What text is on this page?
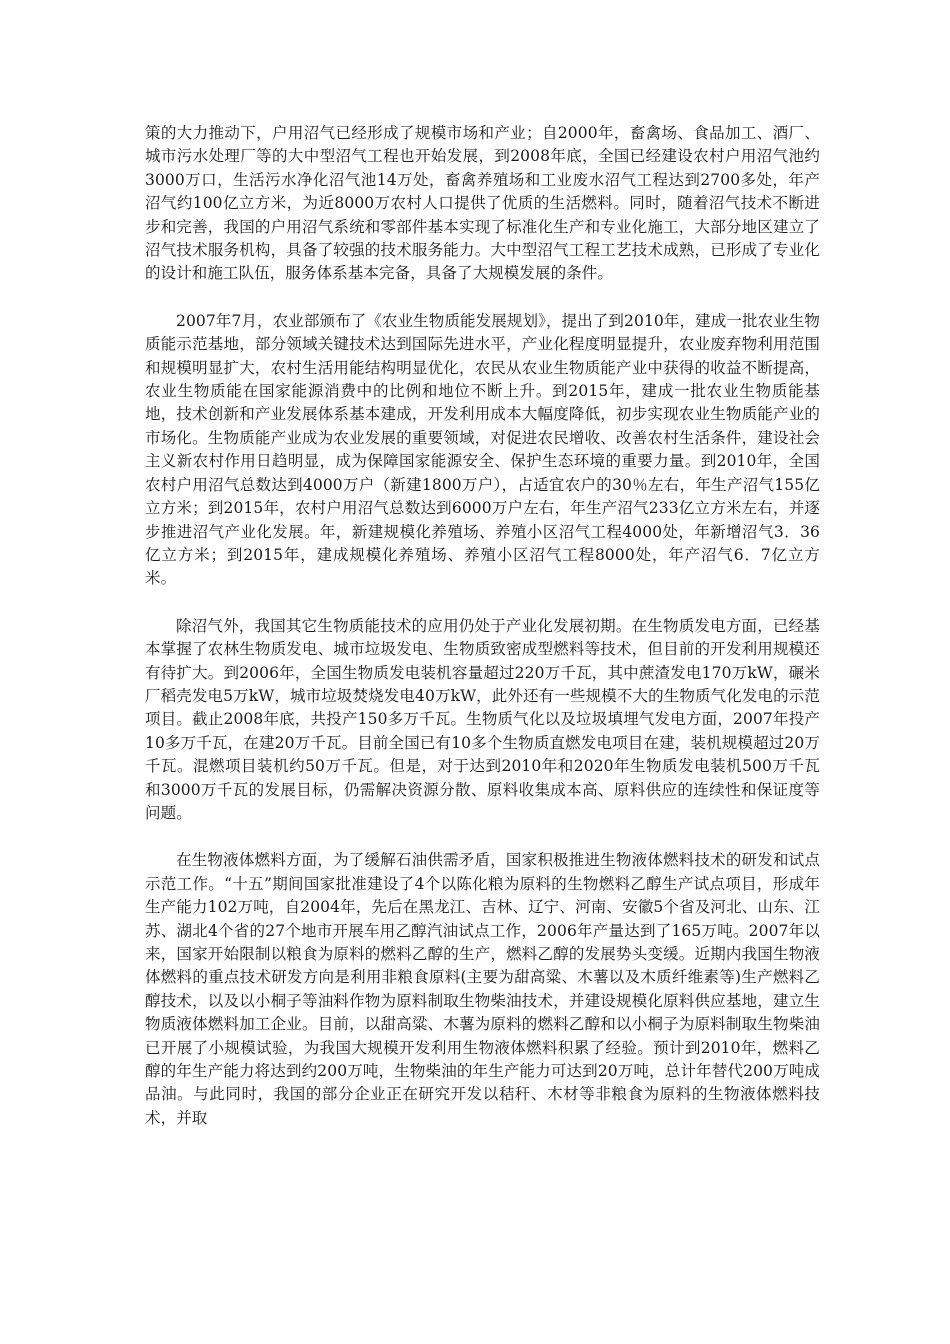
策的大力推动下，户用沼气已经形成了规模市场和产业；自2000年，畜禽场、食品加工、酒厂、城市污水处理厂等的大中型沼气工程也开始发展，到2008年底，全国已经建设农村户用沼气池约3000万口，生活污水净化沼气池14万处，畜禽养殖场和工业废水沼气工程达到2700多处，年产沼气约100亿立方米，为近8000万农村人口提供了优质的生活燃料。同时，随着沼气技术不断进步和完善，我国的户用沼气系统和零部件基本实现了标准化生产和专业化施工，大部分地区建立了沼气技术服务机构，具备了较强的技术服务能力。大中型沼气工程工艺技术成熟，已形成了专业化的设计和施工队伍，服务体系基本完备，具备了大规模发展的条件。

2007年7月，农业部颁布了《农业生物质能发展规划》，提出了到2010年，建成一批农业生物质能示范基地，部分领域关键技术达到国际先进水平，产业化程度明显提升，农业废弃物利用范围和规模明显扩大，农村生活用能结构明显优化，农民从农业生物质能产业中获得的收益不断提高，农业生物质能在国家能源消费中的比例和地位不断上升。到2015年，建成一批农业生物质能基地，技术创新和产业发展体系基本建成，开发利用成本大幅度降低，初步实现农业生物质能产业的市场化。生物质能产业成为农业发展的重要领域，对促进农民增收、改善农村生活条件，建设社会主义新农村作用日趋明显，成为保障国家能源安全、保护生态环境的重要力量。到2010年，全国农村户用沼气总数达到4000万户（新建1800万户），占适宜农户的30％左右，年生产沼气155亿立方米；到2015年，农村户用沼气总数达到6000万户左右，年生产沼气233亿立方米左右，并逐步推进沼气产业化发展。年，新建规模化养殖场、养殖小区沼气工程4000处，年新增沼气3．36亿立方米；到2015年，建成规模化养殖场、养殖小区沼气工程8000处，年产沼气6．7亿立方米。

除沼气外，我国其它生物质能技术的应用仍处于产业化发展初期。在生物质发电方面，已经基本掌握了农林生物质发电、城市垃圾发电、生物质致密成型燃料等技术，但目前的开发利用规模还有待扩大。到2006年，全国生物质发电装机容量超过220万千瓦，其中蔗渣发电170万kW，碾米厂稻壳发电5万kW，城市垃圾焚烧发电40万kW，此外还有一些规模不大的生物质气化发电的示范项目。截止2008年底，共投产150多万千瓦。生物质气化以及垃圾填埋气发电方面，2007年投产10多万千瓦，在建20万千瓦。目前全国已有10多个生物质直燃发电项目在建，装机规模超过20万千瓦。混燃项目装机约50万千瓦。但是，对于达到2010年和2020年生物质发电装机500万千瓦和3000万千瓦的发展目标，仍需解决资源分散、原料收集成本高、原料供应的连续性和保证度等问题。

在生物液体燃料方面，为了缓解石油供需矛盾，国家积极推进生物液体燃料技术的研发和试点示范工作。“十五”期间国家批准建设了4个以陈化粮为原料的生物燃料乙醇生产试点项目，形成年生产能力102万吨，自2004年，先后在黑龙江、吉林、辽宁、河南、安徽5个省及河北、山东、江苏、湖北4个省的27个地市开展车用乙醇汽油试点工作，2006年产量达到了165万吨。2007年以来，国家开始限制以粮食为原料的燃料乙醇的生产，燃料乙醇的发展势头变缓。近期内我国生物液体燃料的重点技术研发方向是利用非粮食原料(主要为甜高粱、木薯以及木质纤维素等)生产燃料乙醇技术，以及以小桐子等油料作物为原料制取生物柴油技术，并建设规模化原料供应基地，建立生物质液体燃料加工企业。目前，以甜高粱、木薯为原料的燃料乙醇和以小桐子为原料制取生物柴油已开展了小规模试验，为我国大规模开发利用生物液体燃料积累了经验。预计到2010年，燃料乙醇的年生产能力将达到约200万吨，生物柴油的年生产能力可达到20万吨，总计年替代200万吨成品油。与此同时，我国的部分企业正在研究开发以秸秆、木材等非粮食为原料的生物液体燃料技术，并取
